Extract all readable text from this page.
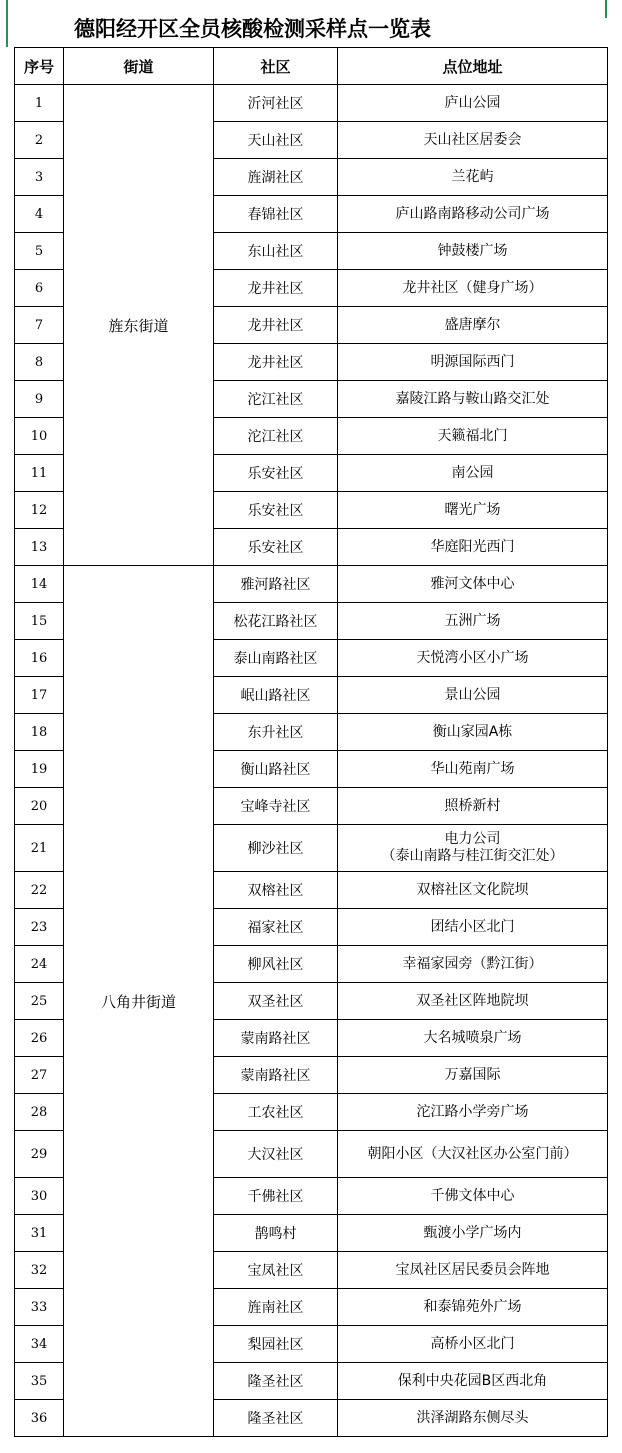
德阳经开区全员核酸检测采样点一览表
序号	街道	社区	点位地址
1	旌东街道	沂河社区	庐山公园

2		天山社区	天山社区居委会

3		旌湖社区	兰花屿

4		春锦社区	庐山路南路移动公司广场

5		东山社区	钟鼓楼广场

6		龙井社区	龙井社区（健身广场）

7		龙井社区	盛唐摩尔

8		龙井社区	明源国际西门

9		沱江社区	嘉陵江路与鞍山路交汇处

10		沱江社区	天籁福北门

11		乐安社区	南公园

12		乐安社区	曙光广场

13		乐安社区	华庭阳光西门

14	八角井街道	雅河路社区	雅河文体中心

15		松花江路社区	五洲广场

16		泰山南路社区	天悦湾小区小广场

17		岷山路社区	景山公园

18		东升社区	衡山家园A栋

19		衡山路社区	华山苑南广场

20		宝峰寺社区	照桥新村

21		柳沙社区	电力公司
（泰山南路与桂江街交汇处）

22		双榕社区	双榕社区文化院坝

23		福家社区	团结小区北门

24		柳风社区	幸福家园旁（黔江街）

25		双圣社区	双圣社区阵地院坝

26		蒙南路社区	大名城喷泉广场

27		蒙南路社区	万嘉国际

28		工农社区	沱江路小学旁广场

29		大汉社区	朝阳小区（大汉社区办公室门前）

30		千佛社区	千佛文体中心

31		鹊鸣村	甄渡小学广场内

32		宝凤社区	宝凤社区居民委员会阵地

33		旌南社区	和泰锦苑外广场

34		梨园社区	高桥小区北门

35		隆圣社区	保利中央花园B区西北角

36		隆圣社区	洪泽湖路东侧尽头
